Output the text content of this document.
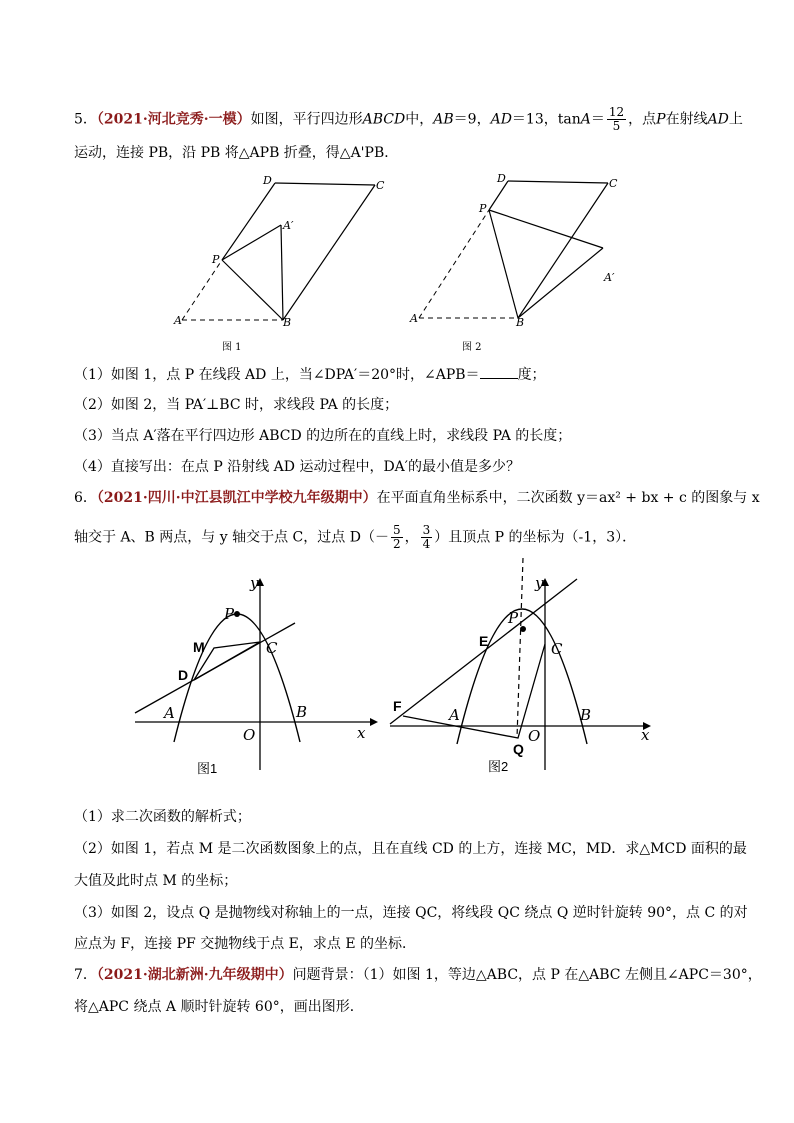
5．（2021·河北竞秀·一模）如图，平行四边形ABCD中，AB＝9，AD＝13，$\tan A= \frac{12}{5}$ ，点P在射线AD上
运动，连接 PB，沿 PB 将△APB 折叠，得△A'PB．
D	C
A′
P
A	B
图 1
D	C
P
A′
A	B
图 2
（1）如图 1，点 P 在线段 AD 上，当∠DPA′＝20°时，∠APB＝	度；
（2）如图 2，当 PA′⊥BC 时，求线段 PA 的长度；
（3）当点 A′落在平行四边形 ABCD 的边所在的直线上时，求线段 PA 的长度；
（4）直接写出：在点 P 沿射线 AD 运动过程中，DA′的最小值是多少？
6．（2021·四川·中江县凯江中学校九年级期中）在平面直角坐标系中，二次函数 y＝ax² + bx + c 的图象与 x
轴交于 A、B 两点，与 y 轴交于点 C，过点 $D(- \frac{5}{2}$ ， $\frac{3}{4}$ ）且顶点 P 的坐标为（-1，3）．
y
P
M	C
D
A	B
O	x
图1
y
P
E	C
F	A	B
O
Q
x
图2
（1）求二次函数的解析式；
（2）如图 1，若点 M 是二次函数图象上的点，且在直线 CD 的上方，连接 MC，MD．求△MCD 面积的最
大值及此时点 M 的坐标；
（3）如图 2，设点 Q 是抛物线对称轴上的一点，连接 QC，将线段 QC 绕点 Q 逆时针旋转 90°，点 C 的对
应点为 F，连接 PF 交抛物线于点 E，求点 E 的坐标．
7．（2021·湖北新洲·九年级期中）问题背景：（1）如图 1，等边△ABC，点 P 在△ABC 左侧且∠APC＝30°，
将△APC 绕点 A 顺时针旋转 60°，画出图形．
